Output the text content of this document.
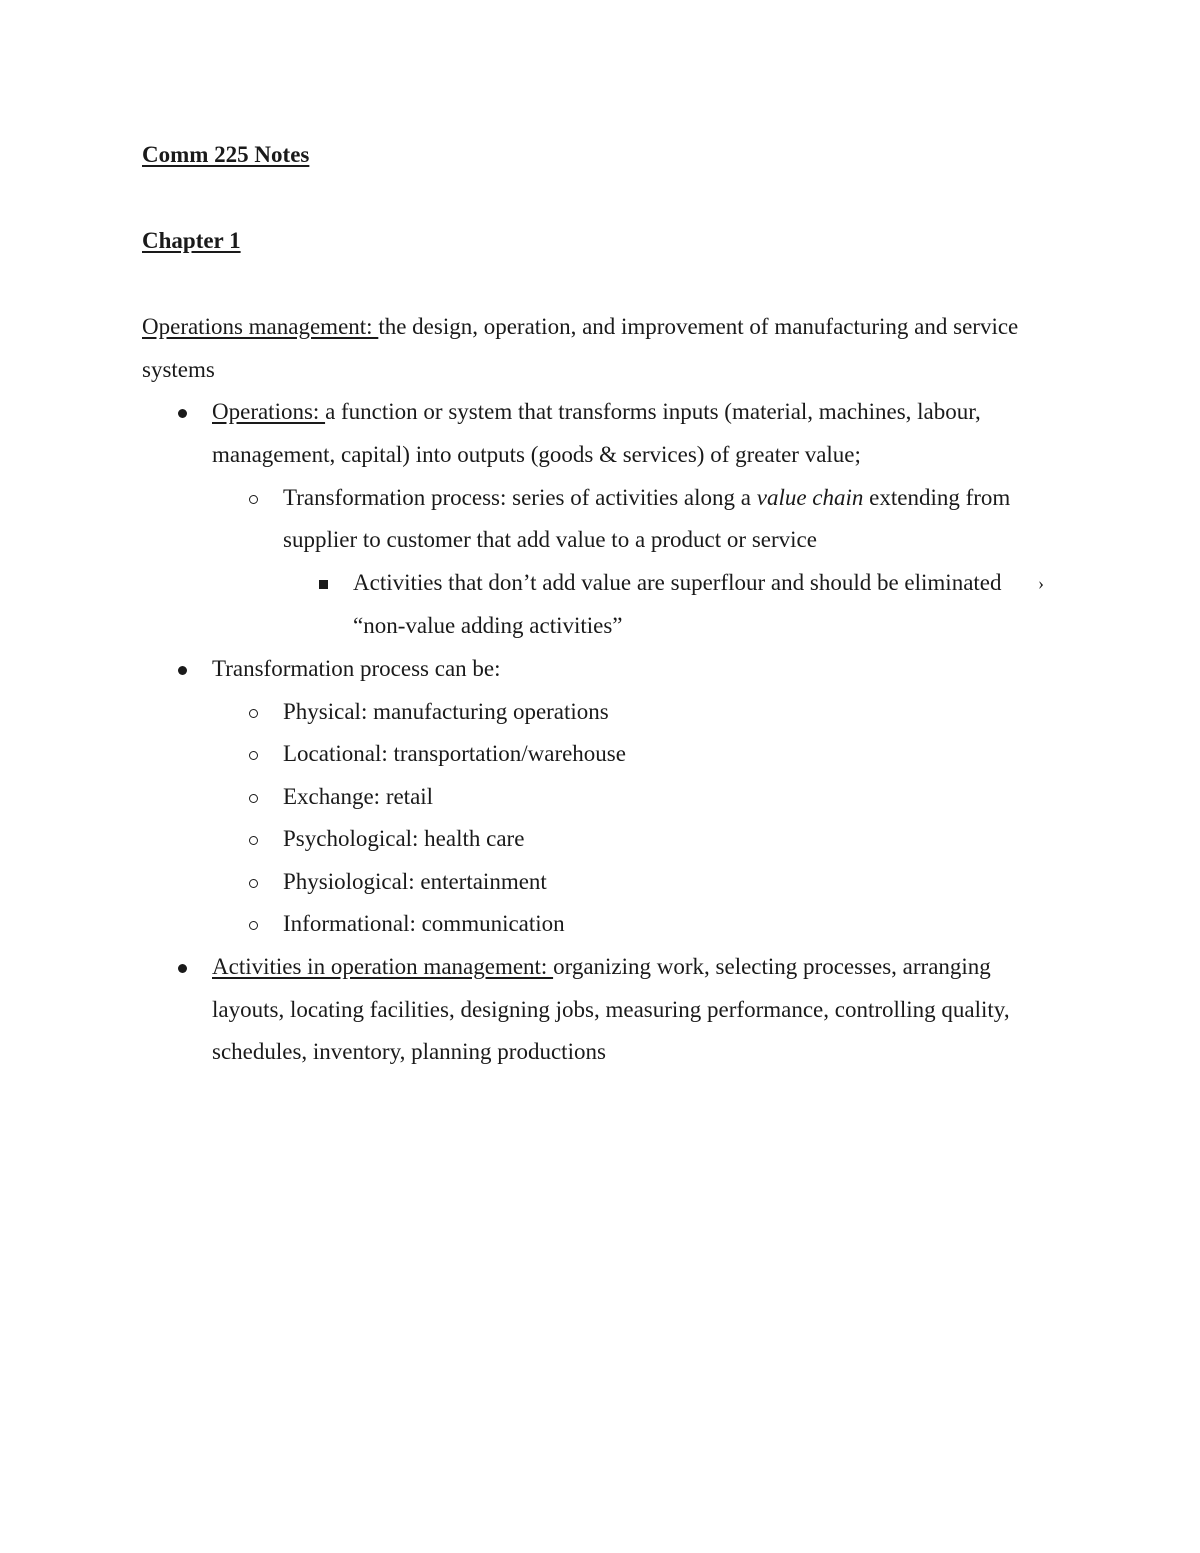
Comm 225 Notes
Chapter 1
Operations management: the design, operation, and improvement of manufacturing and service
systems
Operations: a function or system that transforms inputs (material, machines, labour,
management, capital) into outputs (goods & services) of greater value;
Transformation process: series of activities along a value chain extending from
supplier to customer that add value to a product or service
Activities that don’t add value are superflour and should be eliminated ›
“non-value adding activities”
Transformation process can be:
Physical: manufacturing operations
Locational: transportation/warehouse
Exchange: retail
Psychological: health care
Physiological: entertainment
Informational: communication
Activities in operation management: organizing work, selecting processes, arranging
layouts, locating facilities, designing jobs, measuring performance, controlling quality,
schedules, inventory, planning productions
